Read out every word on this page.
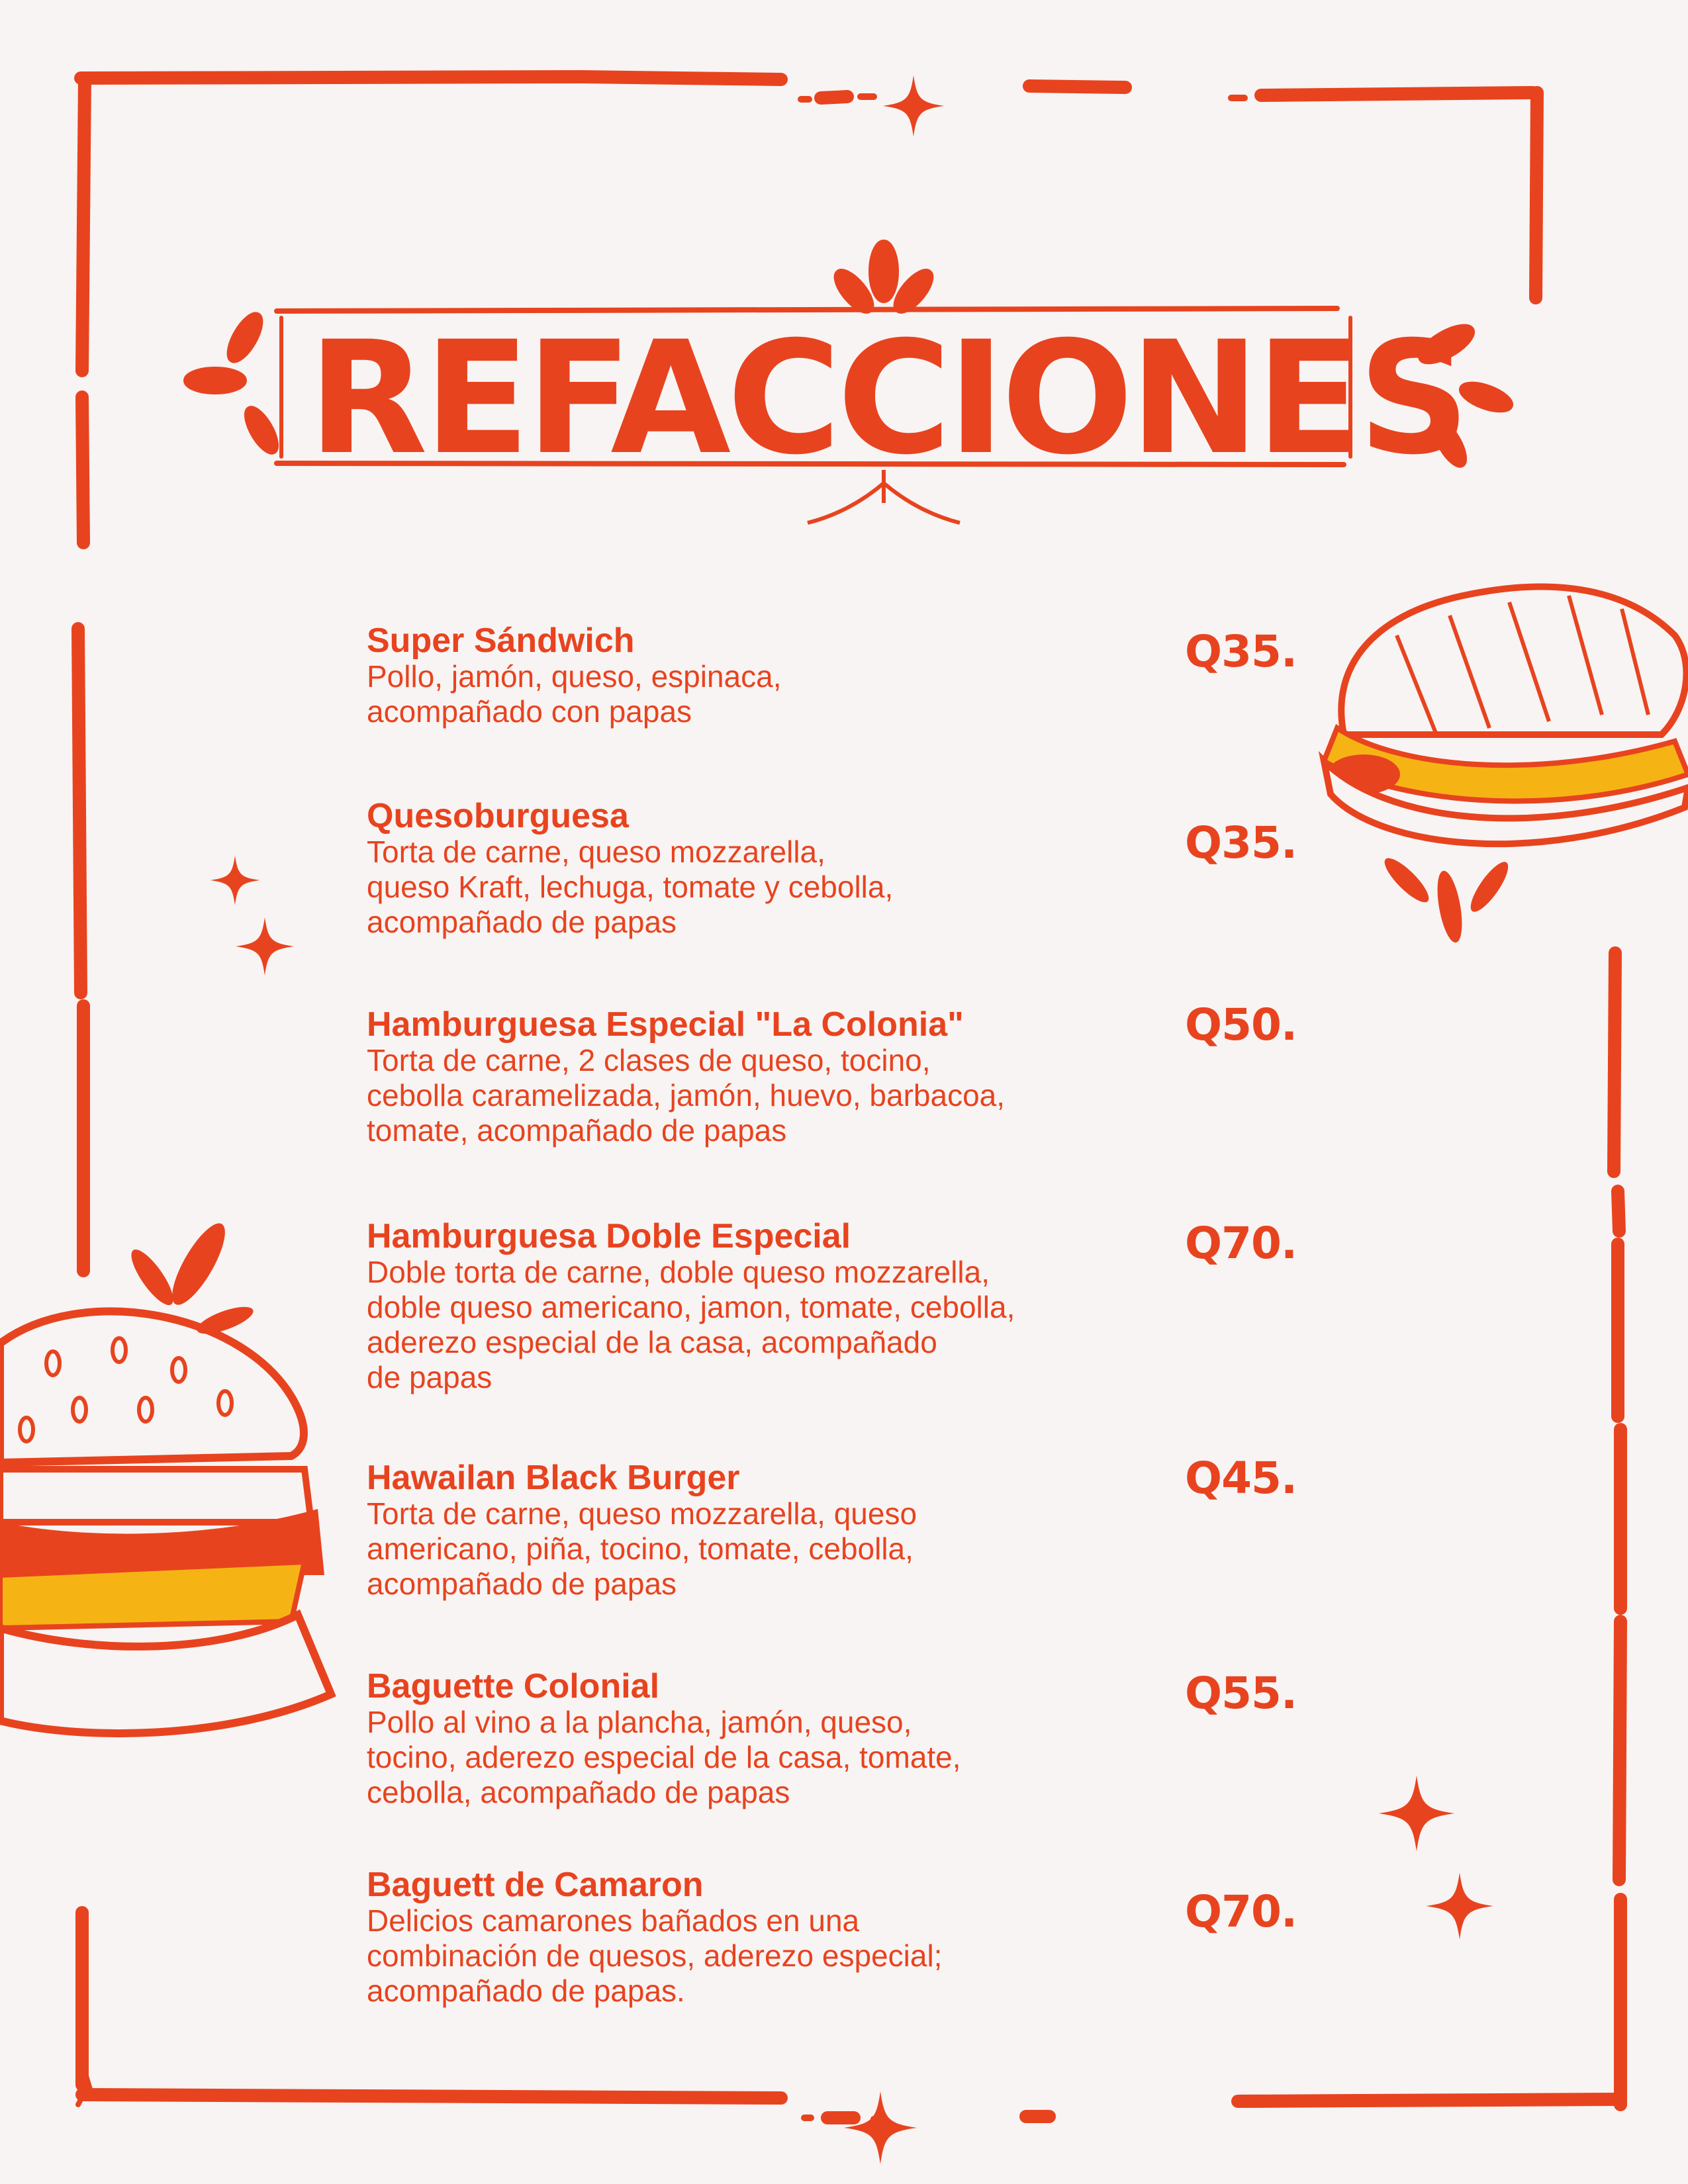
REFACCIONES
Super Sándwich
Pollo, jamón, queso, espinaca,
acompañado con papas
Q35.
Quesoburguesa
Torta de carne, queso mozzarella,
queso Kraft, lechuga, tomate y cebolla,
acompañado de papas
Q35.
Hamburguesa Especial "La Colonia"
Torta de carne, 2 clases de queso, tocino,
cebolla caramelizada, jamón, huevo, barbacoa,
tomate, acompañado de papas
Q50.
Hamburguesa Doble Especial
Doble torta de carne, doble queso mozzarella,
doble queso americano, jamon, tomate, cebolla,
aderezo especial de la casa, acompañado
de papas
Q70.
Hawailan Black Burger
Torta de carne, queso mozzarella, queso
americano, piña, tocino, tomate, cebolla,
acompañado de papas
Q45.
Baguette Colonial
Pollo al vino a la plancha, jamón, queso,
tocino, aderezo especial de la casa, tomate,
cebolla, acompañado de papas
Q55.
Baguett de Camaron
Delicios camarones bañados en una
combinación de quesos, aderezo especial;
acompañado de papas.
Q70.
